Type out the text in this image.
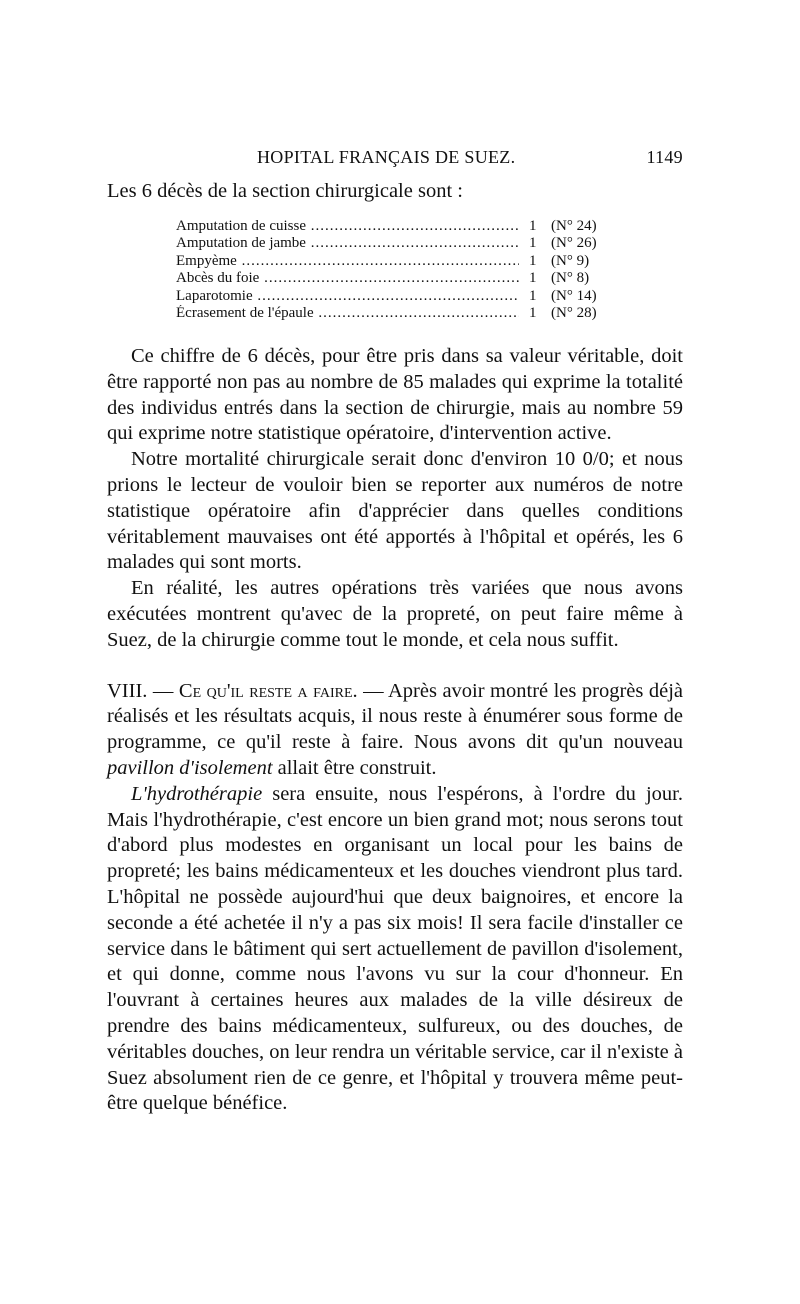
HOPITAL FRANÇAIS DE SUEZ.	1149
Les 6 décès de la section chirurgicale sont :
Amputation de cuisse .....	1 (N° 24)
Amputation de jambe .....	1 (N° 26)
Empyème .....	1 (N° 9)
Abcès du foie .....	1 (N° 8)
Laparotomie .....	1 (N° 14)
Écrasement de l'épaule .....	1 (N° 28)

Ce chiffre de 6 décès, pour être pris dans sa valeur véritable, doit être rapporté non pas au nombre de 85 malades qui exprime la totalité des individus entrés dans la section de chirurgie, mais au nombre 59 qui exprime notre statistique opératoire, d'intervention active.

Notre mortalité chirurgicale serait donc d'environ 10 0/0; et nous prions le lecteur de vouloir bien se reporter aux numéros de notre statistique opératoire afin d'apprécier dans quelles conditions véritablement mauvaises ont été apportés à l'hôpital et opérés, les 6 malades qui sont morts.

En réalité, les autres opérations très variées que nous avons exécutées montrent qu'avec de la propreté, on peut faire même à Suez, de la chirurgie comme tout le monde, et cela nous suffit.

VIII. — Ce qu'il reste a faire. — Après avoir montré les progrès déjà réalisés et les résultats acquis, il nous reste à énumérer sous forme de programme, ce qu'il reste à faire. Nous avons dit qu'un nouveau pavillon d'isolement allait être construit.

L'hydrothérapie sera ensuite, nous l'espérons, à l'ordre du jour. Mais l'hydrothérapie, c'est encore un bien grand mot; nous serons tout d'abord plus modestes en organisant un local pour les bains de propreté; les bains médicamenteux et les douches viendront plus tard. L'hôpital ne possède aujourd'hui que deux baignoires, et encore la seconde a été achetée il n'y a pas six mois! Il sera facile d'installer ce service dans le bâtiment qui sert actuellement de pavillon d'isolement, et qui donne, comme nous l'avons vu sur la cour d'honneur. En l'ouvrant à certaines heures aux malades de la ville désireux de prendre des bains médicamenteux, sulfureux, ou des douches, de véritables douches, on leur rendra un véritable service, car il n'existe à Suez absolument rien de ce genre, et l'hôpital y trouvera même peut-être quelque bénéfice.
